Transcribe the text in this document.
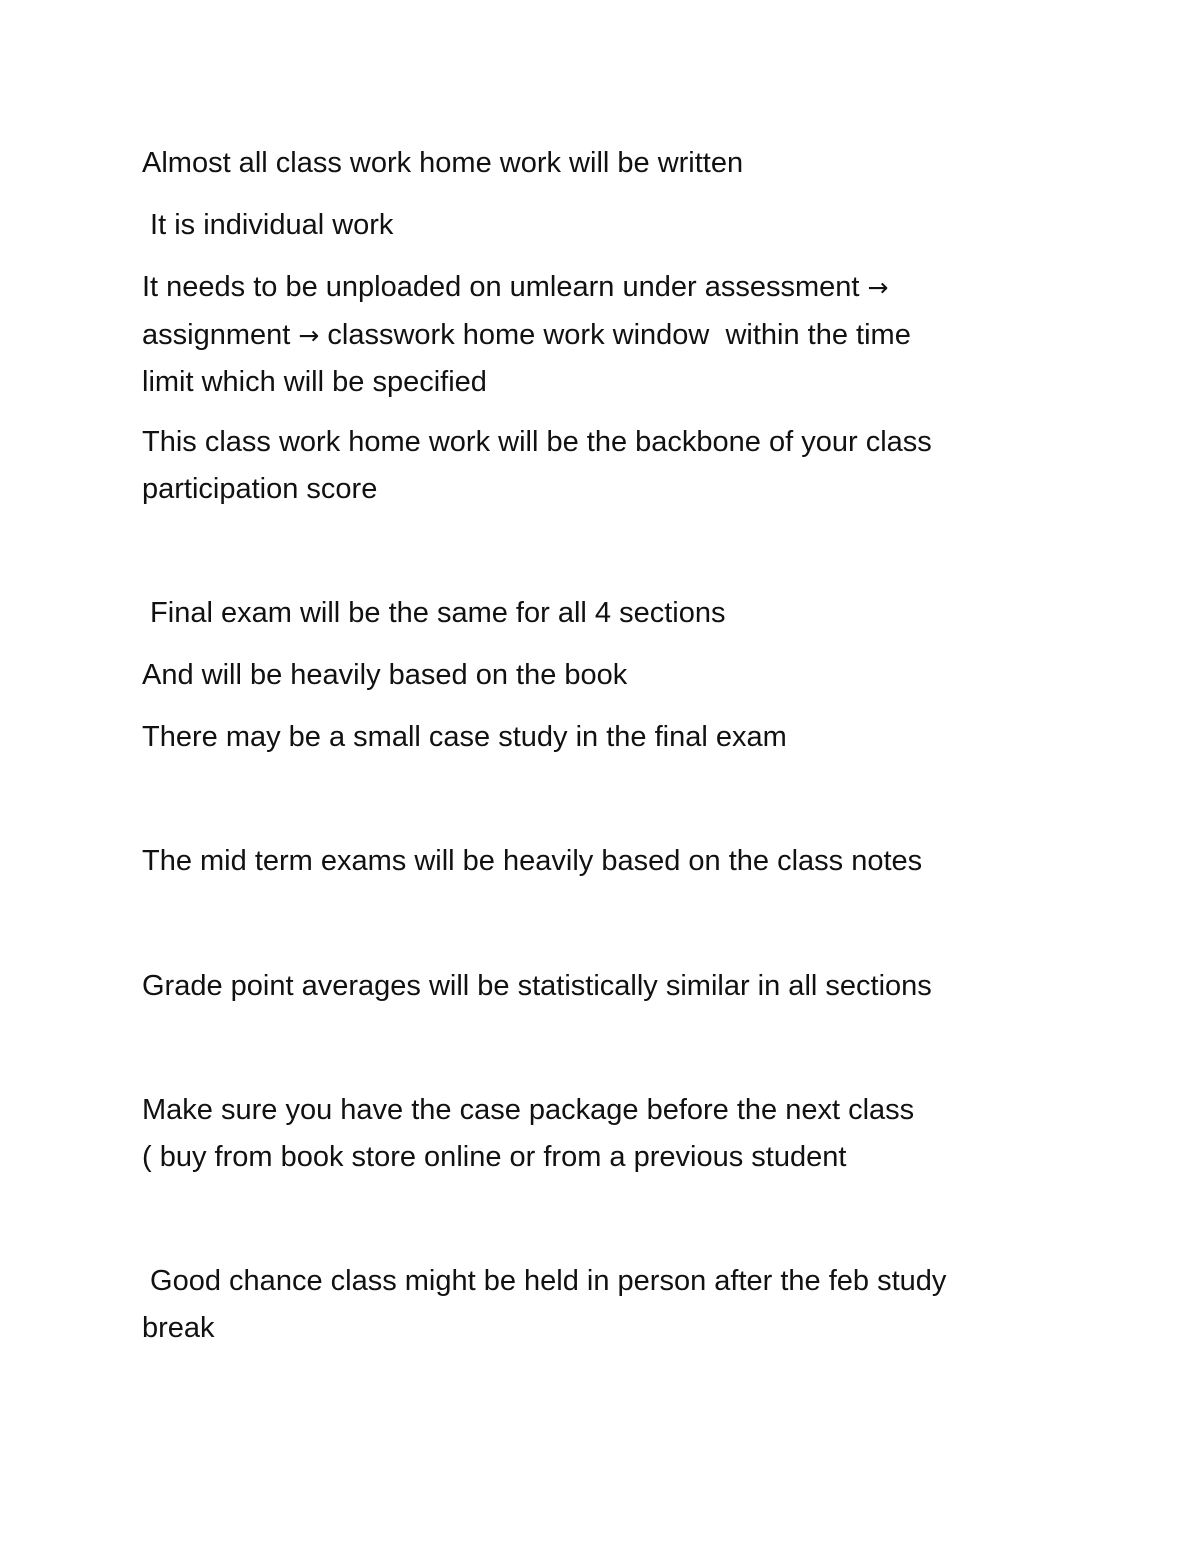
Almost all class work home work will be written

It is individual work

It needs to be unploaded on umlearn under assessment →
assignment → classwork home work window  within the time
limit which will be specified

This class work home work will be the backbone of your class
participation score

Final exam will be the same for all 4 sections

And will be heavily based on the book

There may be a small case study in the final exam

The mid term exams will be heavily based on the class notes

Grade point averages will be statistically similar in all sections

Make sure you have the case package before the next class
( buy from book store online or from a previous student

Good chance class might be held in person after the feb study
break
